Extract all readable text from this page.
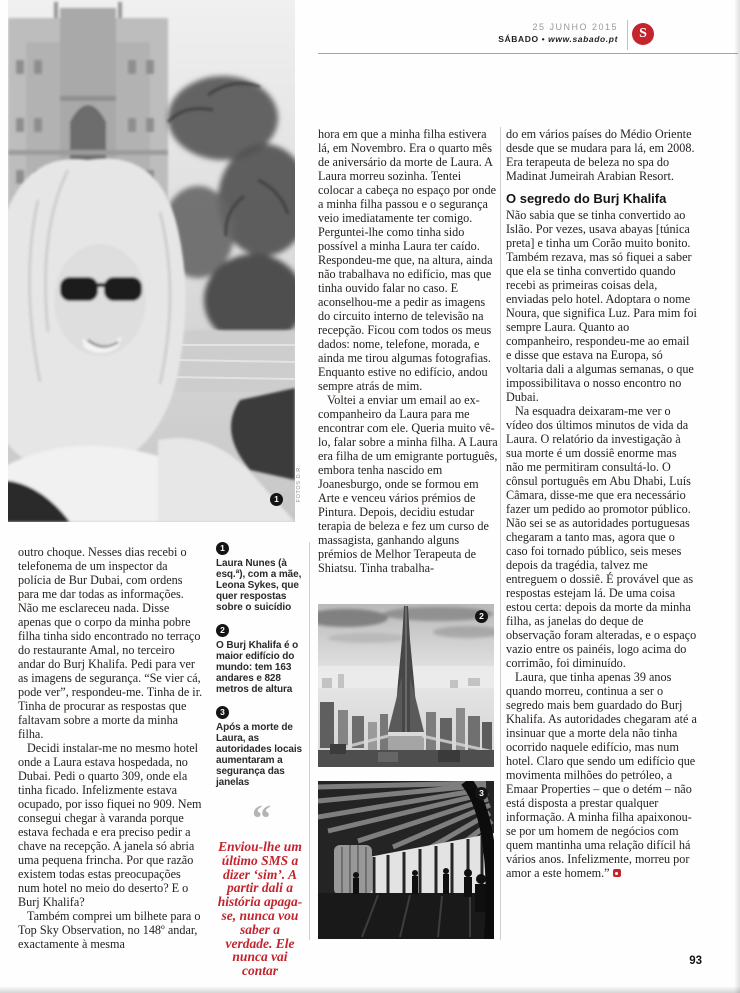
25 JUNHO 2015
SÁBADO • www.sabado.pt	S
1	FOTOS D.R.

hora em que a minha filha estivera lá, em Novembro. Era o quarto mês de aniversário da morte de Laura. A Laura morreu sozinha. Tentei colocar a cabeça no espaço por onde a minha filha passou e o segurança veio imediatamente ter comigo. Perguntei-lhe como tinha sido possível a minha Laura ter caído. Respondeu-me que, na altura, ainda não trabalhava no edifício, mas que tinha ouvido falar no caso. E aconselhou-me a pedir as imagens do circuito interno de televisão na recepção. Ficou com todos os meus dados: nome, telefone, morada, e ainda me tirou algumas fotografias. Enquanto estive no edifício, andou sempre atrás de mim.

Voltei a enviar um email ao ex-companheiro da Laura para me encontrar com ele. Queria muito vê-lo, falar sobre a minha filha. A Laura era filha de um emigrante português, embora tenha nascido em Joanesburgo, onde se formou em Arte e venceu vários prémios de Pintura. Depois, decidiu estudar terapia de beleza e fez um curso de massagista, ganhando alguns prémios de Melhor Terapeuta de Shiatsu. Tinha trabalha-

do em vários países do Médio Oriente desde que se mudara para lá, em 2008. Era terapeuta de beleza no spa do Madinat Jumeirah Arabian Resort.

O segredo do Burj Khalifa

Não sabia que se tinha convertido ao Islão. Por vezes, usava abayas [túnica preta] e tinha um Corão muito bonito. Também rezava, mas só fiquei a saber que ela se tinha convertido quando recebi as primeiras coisas dela, enviadas pelo hotel. Adoptara o nome Noura, que significa Luz. Para mim foi sempre Laura. Quanto ao companheiro, respondeu-me ao email e disse que estava na Europa, só voltaria dali a algumas semanas, o que impossibilitava o nosso encontro no Dubai.

Na esquadra deixaram-me ver o vídeo dos últimos minutos de vida da Laura. O relatório da investigação à sua morte é um dossiê enorme mas não me permitiram consultá-lo. O cônsul português em Abu Dhabi, Luís Câmara, disse-me que era necessário fazer um pedido ao promotor público. Não sei se as autoridades portuguesas chegaram a tanto mas, agora que o caso foi tornado público, seis meses depois da tragédia, talvez me entreguem o dossiê. É provável que as respostas estejam lá. De uma coisa estou certa: depois da morte da minha filha, as janelas do deque de observação foram alteradas, e o espaço vazio entre os painéis, logo acima do corrimão, foi diminuído.

Laura, que tinha apenas 39 anos quando morreu, continua a ser o segredo mais bem guardado do Burj Khalifa. As autoridades chegaram até a insinuar que a morte dela não tinha ocorrido naquele edifício, mas num hotel. Claro que sendo um edifício que movimenta milhões do petróleo, a Emaar Properties – que o detém – não está disposta a prestar qualquer informação. A minha filha apaixonou-se por um homem de negócios com quem mantinha uma relação difícil há vários anos. Infelizmente, morreu por amor a este homem.”

outro choque. Nesses dias recebi o telefonema de um inspector da polícia de Bur Dubai, com ordens para me dar todas as informações. Não me esclareceu nada. Disse apenas que o corpo da minha pobre filha tinha sido encontrado no terraço do restaurante Amal, no terceiro andar do Burj Khalifa. Pedi para ver as imagens de segurança. “Se vier cá, pode ver”, respondeu-me. Tinha de ir. Tinha de procurar as respostas que faltavam sobre a morte da minha filha.

Decidi instalar-me no mesmo hotel onde a Laura estava hospedada, no Dubai. Pedi o quarto 309, onde ela tinha ficado. Infelizmente estava ocupado, por isso fiquei no 909. Nem consegui chegar à varanda porque estava fechada e era preciso pedir a chave na recepção. A janela só abria uma pequena frincha. Por que razão existem todas estas preocupações num hotel no meio do deserto? E o Burj Khalifa?

Também comprei um bilhete para o Top Sky Observation, no 148º andar, exactamente à mesma

1
Laura Nunes (à esq.ª), com a mãe, Leona Sykes, que quer respostas sobre o suicídio
2
O Burj Khalifa é o maior edifício do mundo: tem 163 andares e 828 metros de altura
3
Após a morte de Laura, as autoridades locais aumentaram a segurança das janelas
“
Enviou-lhe um último SMS a dizer ‘sim’. A partir dali a história apaga-se, nunca vou saber a verdade. Ele nunca vai contar
2
3
93
